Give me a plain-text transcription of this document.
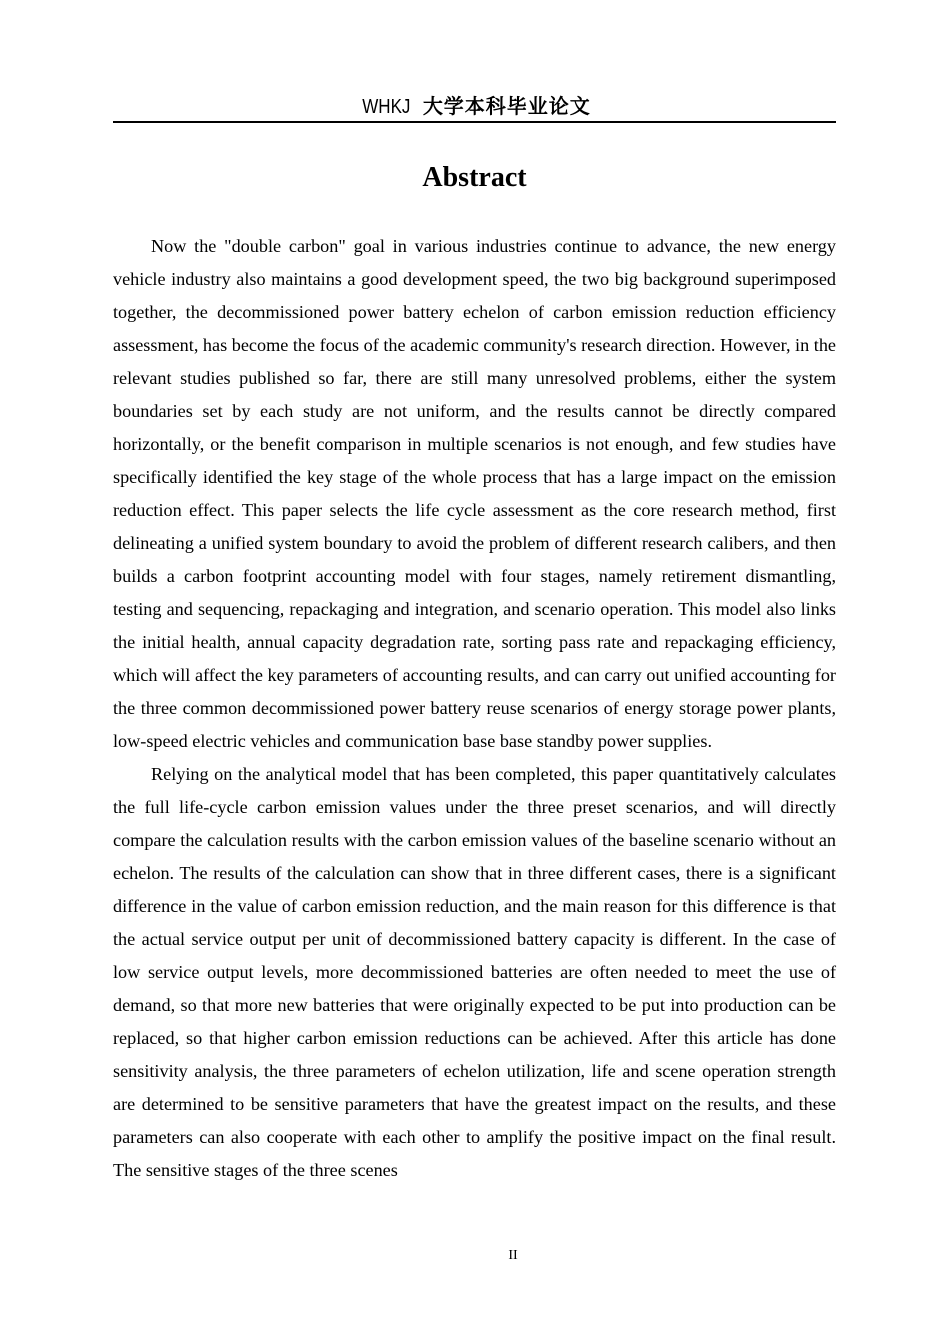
WHKJ 大学本科毕业论文
Abstract

Now the "double carbon" goal in various industries continue to advance, the new energy vehicle industry also maintains a good development speed, the two big background superimposed together, the decommissioned power battery echelon of carbon emission reduction efficiency assessment, has become the focus of the academic community's research direction. However, in the relevant studies published so far, there are still many unresolved problems, either the system boundaries set by each study are not uniform, and the results cannot be directly compared horizontally, or the benefit comparison in multiple scenarios is not enough, and few studies have specifically identified the key stage of the whole process that has a large impact on the emission reduction effect. This paper selects the life cycle assessment as the core research method, first delineating a unified system boundary to avoid the problem of different research calibers, and then builds a carbon footprint accounting model with four stages, namely retirement dismantling, testing and sequencing, repackaging and integration, and scenario operation. This model also links the initial health, annual capacity degradation rate, sorting pass rate and repackaging efficiency, which will affect the key parameters of accounting results, and can carry out unified accounting for the three common decommissioned power battery reuse scenarios of energy storage power plants, low-speed electric vehicles and communication base base standby power supplies.

Relying on the analytical model that has been completed, this paper quantitatively calculates the full life-cycle carbon emission values under the three preset scenarios, and will directly compare the calculation results with the carbon emission values of the baseline scenario without an echelon. The results of the calculation can show that in three different cases, there is a significant difference in the value of carbon emission reduction, and the main reason for this difference is that the actual service output per unit of decommissioned battery capacity is different. In the case of low service output levels, more decommissioned batteries are often needed to meet the use of demand, so that more new batteries that were originally expected to be put into production can be replaced, so that higher carbon emission reductions can be achieved. After this article has done sensitivity analysis, the three parameters of echelon utilization, life and scene operation strength are determined to be sensitive parameters that have the greatest impact on the results, and these parameters can also cooperate with each other to amplify the positive impact on the final result. The sensitive stages of the three scenes

II
